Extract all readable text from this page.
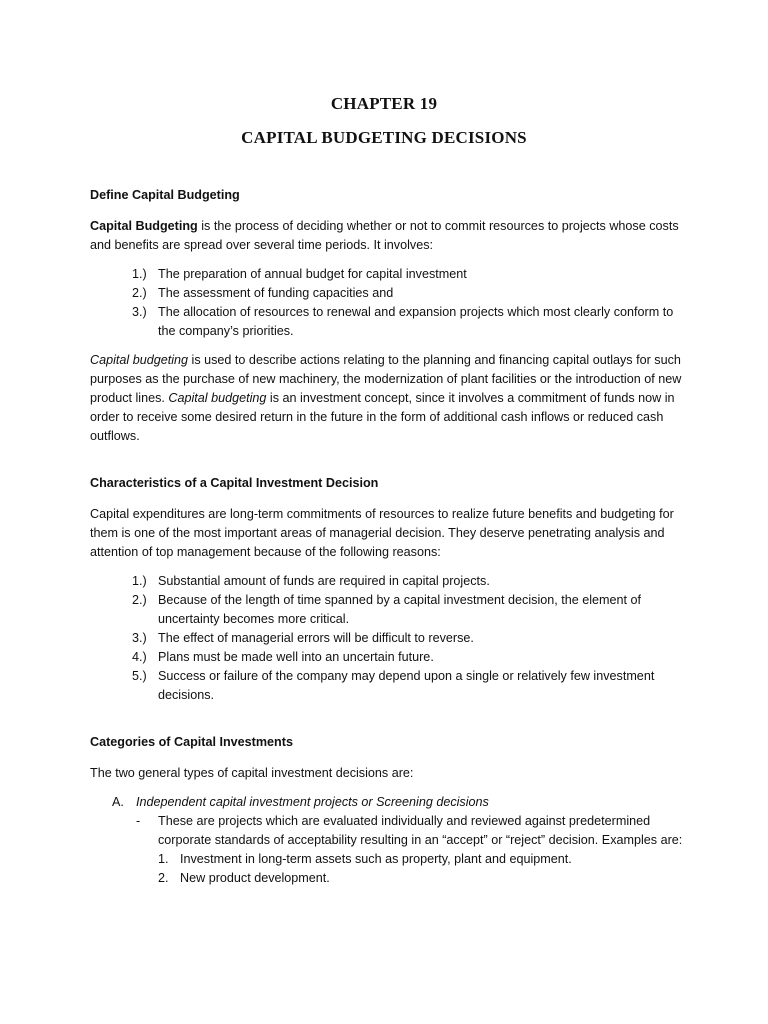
CHAPTER 19
CAPITAL BUDGETING DECISIONS

Define Capital Budgeting

Capital Budgeting is the process of deciding whether or not to commit resources to projects whose costs and benefits are spread over several time periods. It involves:

1.) The preparation of annual budget for capital investment
2.) The assessment of funding capacities and
3.) The allocation of resources to renewal and expansion projects which most clearly conform to the company’s priorities.

Capital budgeting is used to describe actions relating to the planning and financing capital outlays for such purposes as the purchase of new machinery, the modernization of plant facilities or the introduction of new product lines. Capital budgeting is an investment concept, since it involves a commitment of funds now in order to receive some desired return in the future in the form of additional cash inflows or reduced cash outflows.

Characteristics of a Capital Investment Decision

Capital expenditures are long-term commitments of resources to realize future benefits and budgeting for them is one of the most important areas of managerial decision. They deserve penetrating analysis and attention of top management because of the following reasons:

1.) Substantial amount of funds are required in capital projects.
2.) Because of the length of time spanned by a capital investment decision, the element of uncertainty becomes more critical.
3.) The effect of managerial errors will be difficult to reverse.
4.) Plans must be made well into an uncertain future.
5.) Success or failure of the company may depend upon a single or relatively few investment decisions.

Categories of Capital Investments

The two general types of capital investment decisions are:

A. Independent capital investment projects or Screening decisions
- These are projects which are evaluated individually and reviewed against predetermined corporate standards of acceptability resulting in an “accept” or “reject” decision. Examples are:
1. Investment in long-term assets such as property, plant and equipment.
2. New product development.
